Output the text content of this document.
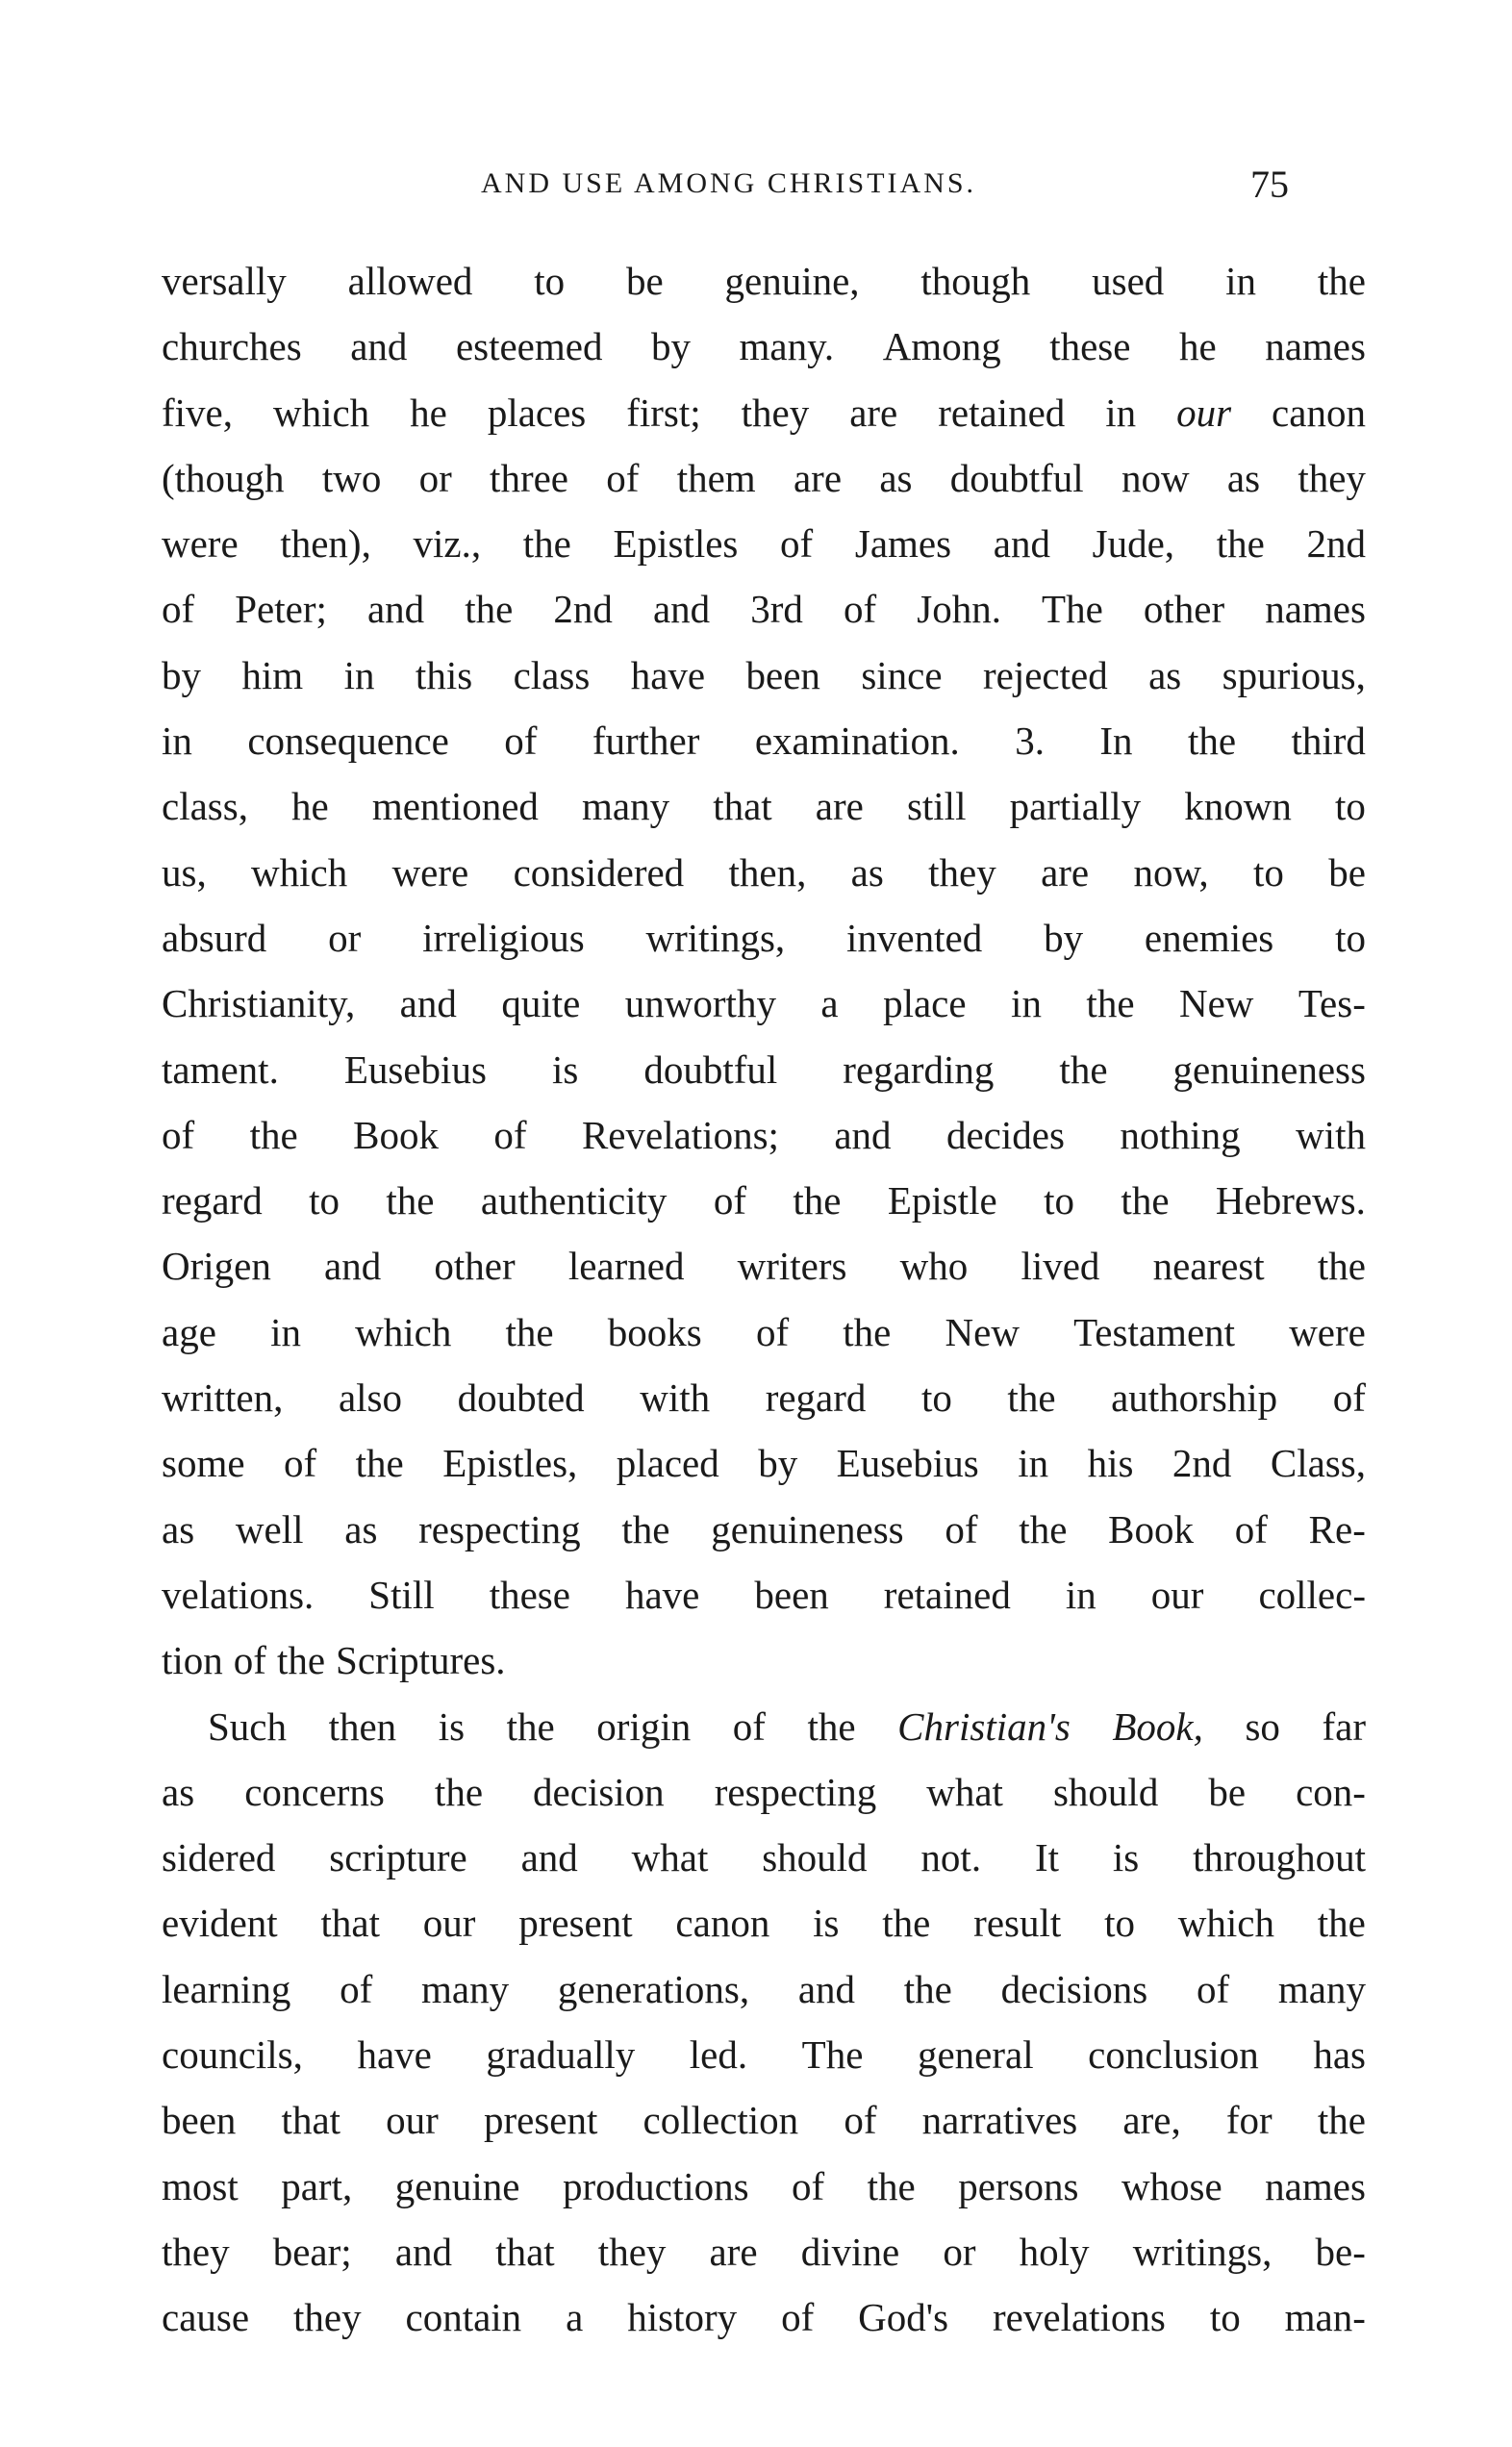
AND USE AMONG CHRISTIANS.	75
versally allowed to be genuine, though used in the
churches and esteemed by many. Among these he names
five, which he places first; they are retained in our canon
(though two or three of them are as doubtful now as they
were then), viz., the Epistles of James and Jude, the 2nd
of Peter; and the 2nd and 3rd of John. The other names
by him in this class have been since rejected as spurious,
in consequence of further examination. 3. In the third
class, he mentioned many that are still partially known to
us, which were considered then, as they are now, to be
absurd or irreligious writings, invented by enemies to
Christianity, and quite unworthy a place in the New Tes-
tament. Eusebius is doubtful regarding the genuineness
of the Book of Revelations; and decides nothing with
regard to the authenticity of the Epistle to the Hebrews.
Origen and other learned writers who lived nearest the
age in which the books of the New Testament were
written, also doubted with regard to the authorship of
some of the Epistles, placed by Eusebius in his 2nd Class,
as well as respecting the genuineness of the Book of Re-
velations. Still these have been retained in our collec-
tion of the Scriptures.
Such then is the origin of the Christian's Book, so far
as concerns the decision respecting what should be con-
sidered scripture and what should not. It is throughout
evident that our present canon is the result to which the
learning of many generations, and the decisions of many
councils, have gradually led. The general conclusion has
been that our present collection of narratives are, for the
most part, genuine productions of the persons whose names
they bear; and that they are divine or holy writings, be-
cause they contain a history of God's revelations to man-
